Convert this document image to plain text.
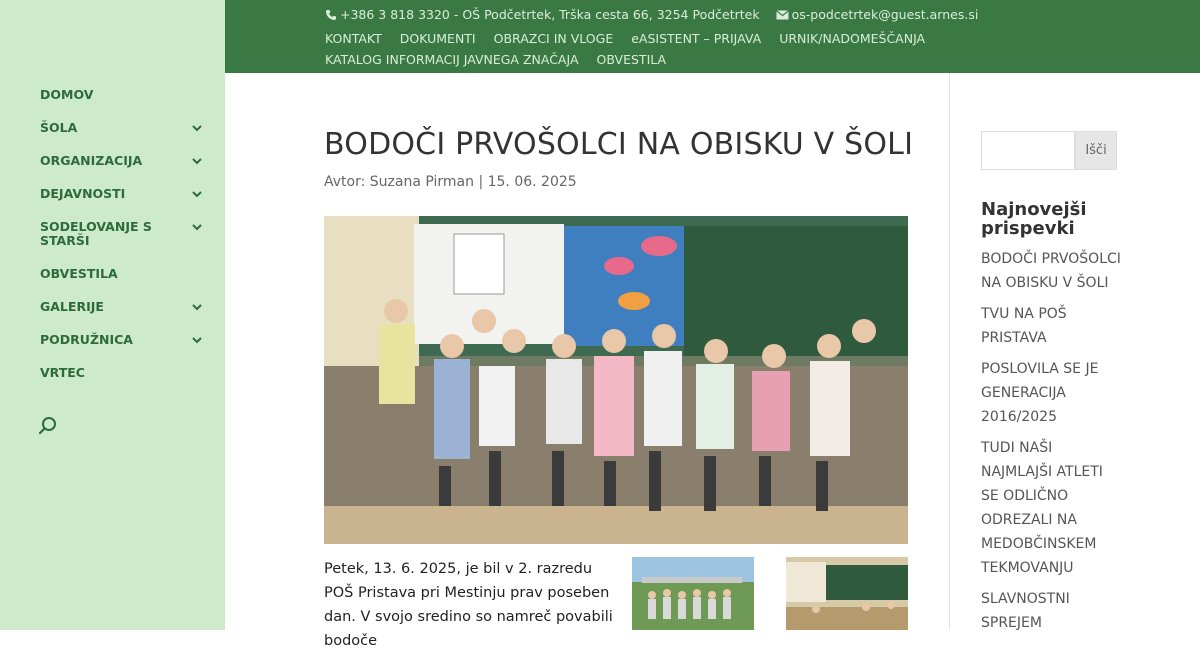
DOMOV
ŠOLA
ORGANIZACIJA
DEJAVNOSTI
SODELOVANJE S STARŠI
OBVESTILA
GALERIJE
PODRUŽNICA
VRTEC
+386 3 818 3320 - OŠ Podčetrtek, Trška cesta 66, 3254 Podčetrtek	os-podcetrtek@guest.arnes.si
KONTAKT DOKUMENTI OBRAZCI IN VLOGE eASISTENT – PRIJAVA URNIK/NADOMEŠČANJA
KATALOG INFORMACIJ JAVNEGA ZNAČAJA OBVESTILA
BODOČI PRVOŠOLCI NA OBISKU V ŠOLI
Avtor: Suzana Pirman | 15. 06. 2025

Petek, 13. 6. 2025, je bil v 2. razredu POŠ Pristava pri Mestinju prav poseben dan. V svojo sredino so namreč povabili bodoče

Išči
Najnovejši prispevki
BODOČI PRVOŠOLCI NA OBISKU V ŠOLI
TVU NA POŠ PRISTAVA
POSLOVILA SE JE GENERACIJA 2016/2025
TUDI NAŠI NAJMLAJŠI ATLETI SE ODLIČNO ODREZALI NA MEDOBČINSKEM TEKMOVANJU
SLAVNOSTNI SPREJEM
